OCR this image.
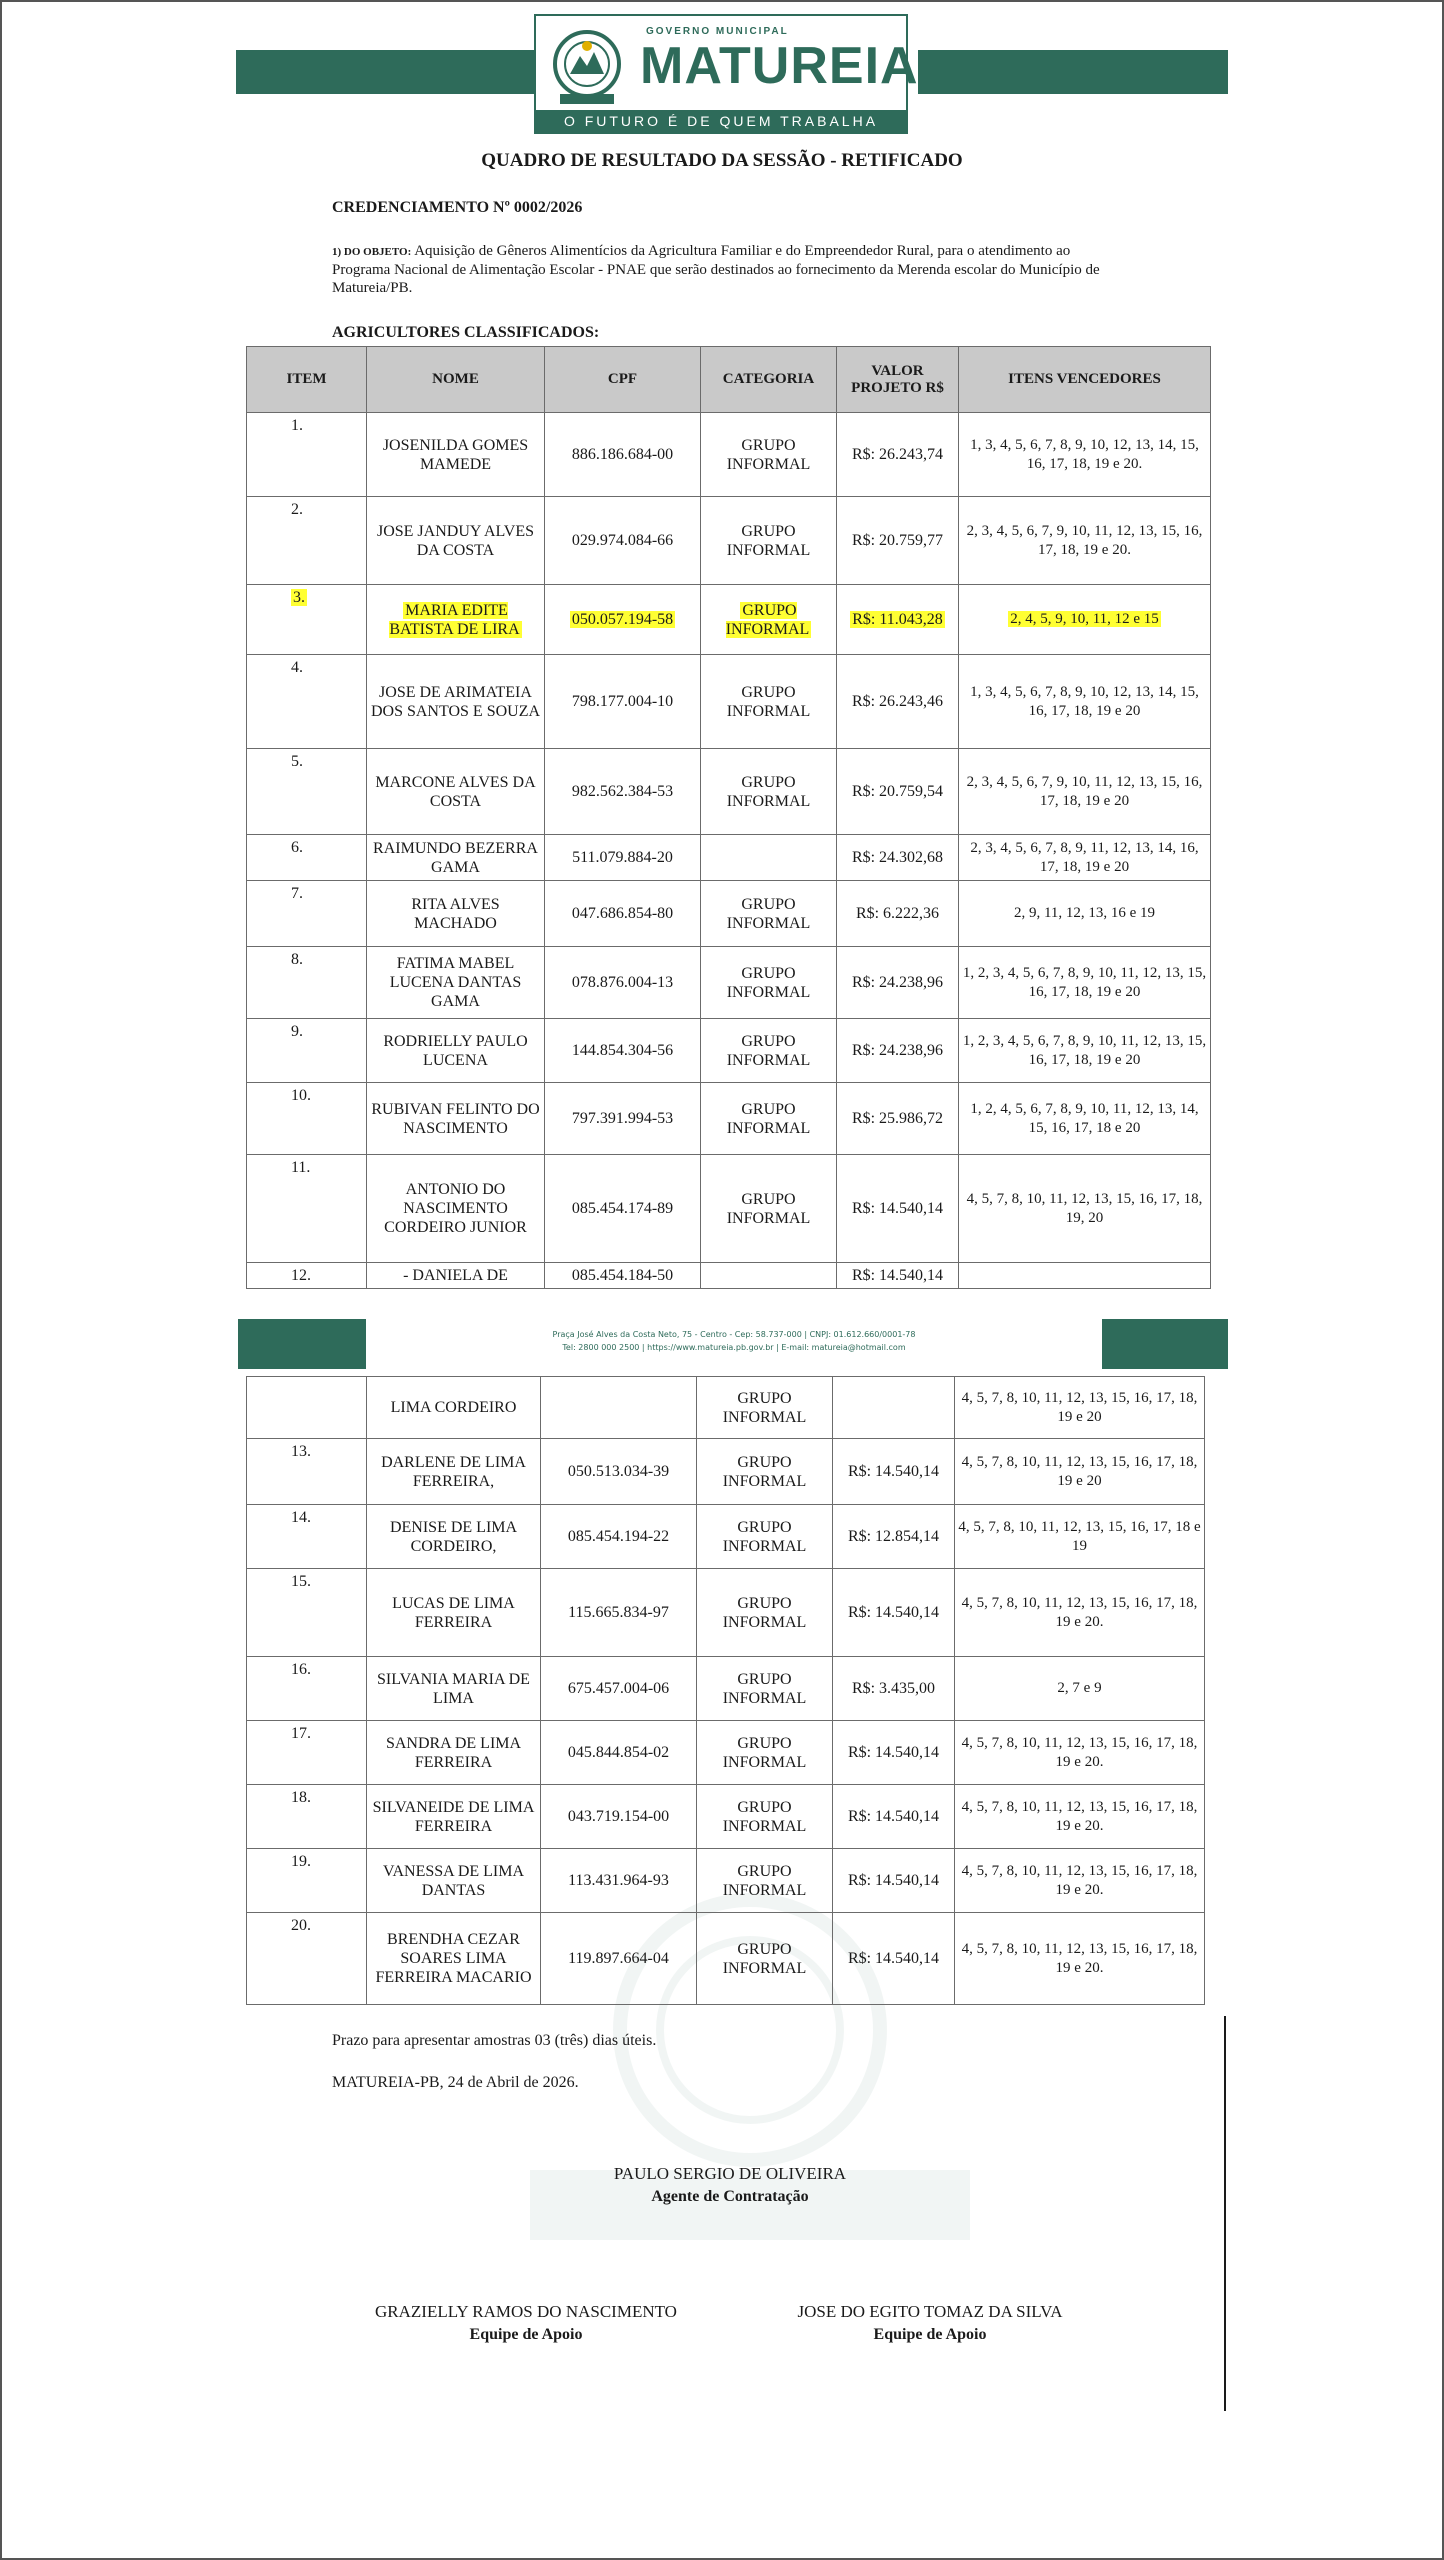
GOVERNO MUNICIPAL
MATUREIA
O FUTURO É DE QUEM TRABALHA
QUADRO DE RESULTADO DA SESSÃO - RETIFICADO
CREDENCIAMENTO Nº 0002/2026
1) DO OBJETO: Aquisição de Gêneros Alimentícios da Agricultura Familiar e do Empreendedor Rural, para o atendimento ao Programa Nacional de Alimentação Escolar - PNAE que serão destinados ao fornecimento da Merenda escolar do Município de Matureia/PB.
AGRICULTORES CLASSIFICADOS:
ITEM	NOME	CPF	CATEGORIA	VALOR PROJETO R$	ITENS VENCEDORES
1.	JOSENILDA GOMES MAMEDE	886.186.684-00	GRUPO INFORMAL	R$: 26.243,74	1, 3, 4, 5, 6, 7, 8, 9, 10, 12, 13, 14, 15, 16, 17, 18, 19 e 20.
2.	JOSE JANDUY ALVES DA COSTA	029.974.084-66	GRUPO INFORMAL	R$: 20.759,77	2, 3, 4, 5, 6, 7, 9, 10, 11, 12, 13, 15, 16, 17, 18, 19 e 20.
3.	MARIA EDITE BATISTA DE LIRA	050.057.194-58	GRUPO INFORMAL	R$: 11.043,28	2, 4, 5, 9, 10, 11, 12 e 15
4.	JOSE DE ARIMATEIA DOS SANTOS E SOUZA	798.177.004-10	GRUPO INFORMAL	R$: 26.243,46	1, 3, 4, 5, 6, 7, 8, 9, 10, 12, 13, 14, 15, 16, 17, 18, 19 e 20
5.	MARCONE ALVES DA COSTA	982.562.384-53	GRUPO INFORMAL	R$: 20.759,54	2, 3, 4, 5, 6, 7, 9, 10, 11, 12, 13, 15, 16, 17, 18, 19 e 20
6.	RAIMUNDO BEZERRA GAMA	511.079.884-20		R$: 24.302,68	2, 3, 4, 5, 6, 7, 8, 9, 11, 12, 13, 14, 16, 17, 18, 19 e 20
7.	RITA ALVES MACHADO	047.686.854-80	GRUPO INFORMAL	R$: 6.222,36	2, 9, 11, 12, 13, 16 e 19
8.	FATIMA MABEL LUCENA DANTAS GAMA	078.876.004-13	GRUPO INFORMAL	R$: 24.238,96	1, 2, 3, 4, 5, 6, 7, 8, 9, 10, 11, 12, 13, 15, 16, 17, 18, 19 e 20
9.	RODRIELLY PAULO LUCENA	144.854.304-56	GRUPO INFORMAL	R$: 24.238,96	1, 2, 3, 4, 5, 6, 7, 8, 9, 10, 11, 12, 13, 15, 16, 17, 18, 19 e 20
10.	RUBIVAN FELINTO DO NASCIMENTO	797.391.994-53	GRUPO INFORMAL	R$: 25.986,72	1, 2, 4, 5, 6, 7, 8, 9, 10, 11, 12, 13, 14, 15, 16, 17, 18 e 20
11.	ANTONIO DO NASCIMENTO CORDEIRO JUNIOR	085.454.174-89	GRUPO INFORMAL	R$: 14.540,14	4, 5, 7, 8, 10, 11, 12, 13, 15, 16, 17, 18, 19, 20
12.	- DANIELA DE	085.454.184-50		R$: 14.540,14	
Praça José Alves da Costa Neto, 75 - Centro - Cep: 58.737-000 | CNPJ: 01.612.660/0001-78
Tel: 2800 000 2500 | https://www.matureia.pb.gov.br | E-mail: matureia@hotmail.com
	LIMA CORDEIRO		GRUPO INFORMAL		4, 5, 7, 8, 10, 11, 12, 13, 15, 16, 17, 18, 19 e 20
13.	DARLENE DE LIMA FERREIRA,	050.513.034-39	GRUPO INFORMAL	R$: 14.540,14	4, 5, 7, 8, 10, 11, 12, 13, 15, 16, 17, 18, 19 e 20
14.	DENISE DE LIMA CORDEIRO,	085.454.194-22	GRUPO INFORMAL	R$: 12.854,14	4, 5, 7, 8, 10, 11, 12, 13, 15, 16, 17, 18 e 19
15.	LUCAS DE LIMA FERREIRA	115.665.834-97	GRUPO INFORMAL	R$: 14.540,14	4, 5, 7, 8, 10, 11, 12, 13, 15, 16, 17, 18, 19 e 20.
16.	SILVANIA MARIA DE LIMA	675.457.004-06	GRUPO INFORMAL	R$: 3.435,00	2, 7 e 9
17.	SANDRA DE LIMA FERREIRA	045.844.854-02	GRUPO INFORMAL	R$: 14.540,14	4, 5, 7, 8, 10, 11, 12, 13, 15, 16, 17, 18, 19 e 20.
18.	SILVANEIDE DE LIMA FERREIRA	043.719.154-00	GRUPO INFORMAL	R$: 14.540,14	4, 5, 7, 8, 10, 11, 12, 13, 15, 16, 17, 18, 19 e 20.
19.	VANESSA DE LIMA DANTAS	113.431.964-93	GRUPO INFORMAL	R$: 14.540,14	4, 5, 7, 8, 10, 11, 12, 13, 15, 16, 17, 18, 19 e 20.
20.	BRENDHA CEZAR SOARES LIMA FERREIRA MACARIO	119.897.664-04	GRUPO INFORMAL	R$: 14.540,14	4, 5, 7, 8, 10, 11, 12, 13, 15, 16, 17, 18, 19 e 20.
Prazo para apresentar amostras 03 (três) dias úteis.
MATUREIA-PB, 24 de Abril de 2026.
PAULO SERGIO DE OLIVEIRA
Agente de Contratação
GRAZIELLY RAMOS DO NASCIMENTO
Equipe de Apoio
JOSE DO EGITO TOMAZ DA SILVA
Equipe de Apoio
